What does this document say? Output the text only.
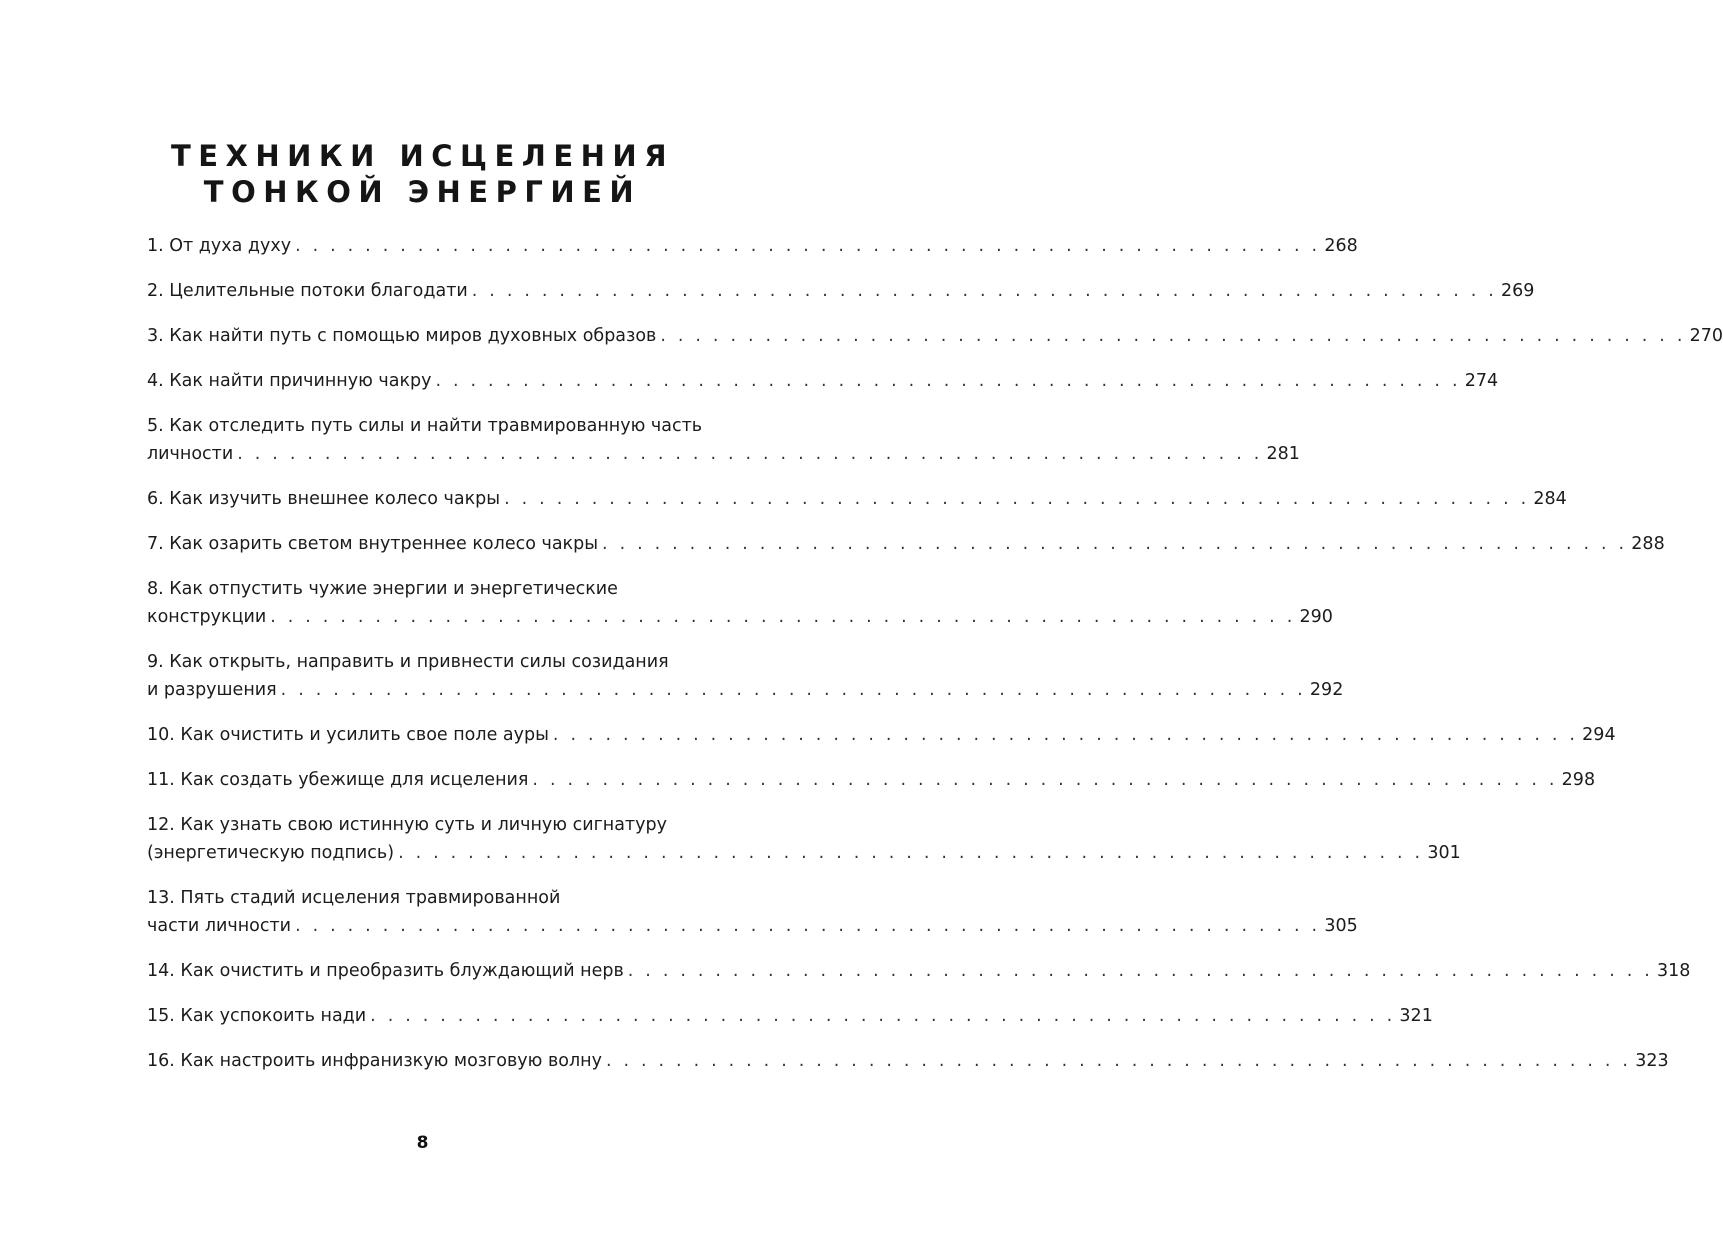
ТЕХНИКИ ИСЦЕЛЕНИЯ
ТОНКОЙ ЭНЕРГИЕЙ
1. От духа духу . . . . . . . . . . . . . . . . . . . . . . . . . . . . . . . . . . . . . . . . . . . . . . . . . . . . . . . . . . . 268
2. Целительные потоки благодати . . . . . . . . . . . . . . . . . . . . . . . . . . . . . . . . . . . . . . . . . . . . . . . . . . . . . . . . . . . 269
3. Как найти путь с помощью миров духовных образов . . . . . . . . . . . . . . . . . . . . . . . . . . . . . . . . . . . . . . . . . . . . . . . . . . . . . . . . . . . 270
4. Как найти причинную чакру . . . . . . . . . . . . . . . . . . . . . . . . . . . . . . . . . . . . . . . . . . . . . . . . . . . . . . . . . . . 274
5. Как отследить путь силы и найти травмированную часть
личности . . . . . . . . . . . . . . . . . . . . . . . . . . . . . . . . . . . . . . . . . . . . . . . . . . . . . . . . . . . 281
6. Как изучить внешнее колесо чакры . . . . . . . . . . . . . . . . . . . . . . . . . . . . . . . . . . . . . . . . . . . . . . . . . . . . . . . . . . . 284
7. Как озарить светом внутреннее колесо чакры . . . . . . . . . . . . . . . . . . . . . . . . . . . . . . . . . . . . . . . . . . . . . . . . . . . . . . . . . . . 288
8. Как отпустить чужие энергии и энергетические
конструкции . . . . . . . . . . . . . . . . . . . . . . . . . . . . . . . . . . . . . . . . . . . . . . . . . . . . . . . . . . . 290
9. Как открыть, направить и привнести силы созидания
и разрушения . . . . . . . . . . . . . . . . . . . . . . . . . . . . . . . . . . . . . . . . . . . . . . . . . . . . . . . . . . . 292
10. Как очистить и усилить свое поле ауры . . . . . . . . . . . . . . . . . . . . . . . . . . . . . . . . . . . . . . . . . . . . . . . . . . . . . . . . . . . 294
11. Как создать убежище для исцеления . . . . . . . . . . . . . . . . . . . . . . . . . . . . . . . . . . . . . . . . . . . . . . . . . . . . . . . . . . . 298
12. Как узнать свою истинную суть и личную сигнатуру
(энергетическую подпись) . . . . . . . . . . . . . . . . . . . . . . . . . . . . . . . . . . . . . . . . . . . . . . . . . . . . . . . . . . . 301
13. Пять стадий исцеления травмированной
части личности . . . . . . . . . . . . . . . . . . . . . . . . . . . . . . . . . . . . . . . . . . . . . . . . . . . . . . . . . . . 305
14. Как очистить и преобразить блуждающий нерв . . . . . . . . . . . . . . . . . . . . . . . . . . . . . . . . . . . . . . . . . . . . . . . . . . . . . . . . . . . 318
15. Как успокоить нади . . . . . . . . . . . . . . . . . . . . . . . . . . . . . . . . . . . . . . . . . . . . . . . . . . . . . . . . . . . 321
16. Как настроить инфранизкую мозговую волну . . . . . . . . . . . . . . . . . . . . . . . . . . . . . . . . . . . . . . . . . . . . . . . . . . . . . . . . . . . 323
8
